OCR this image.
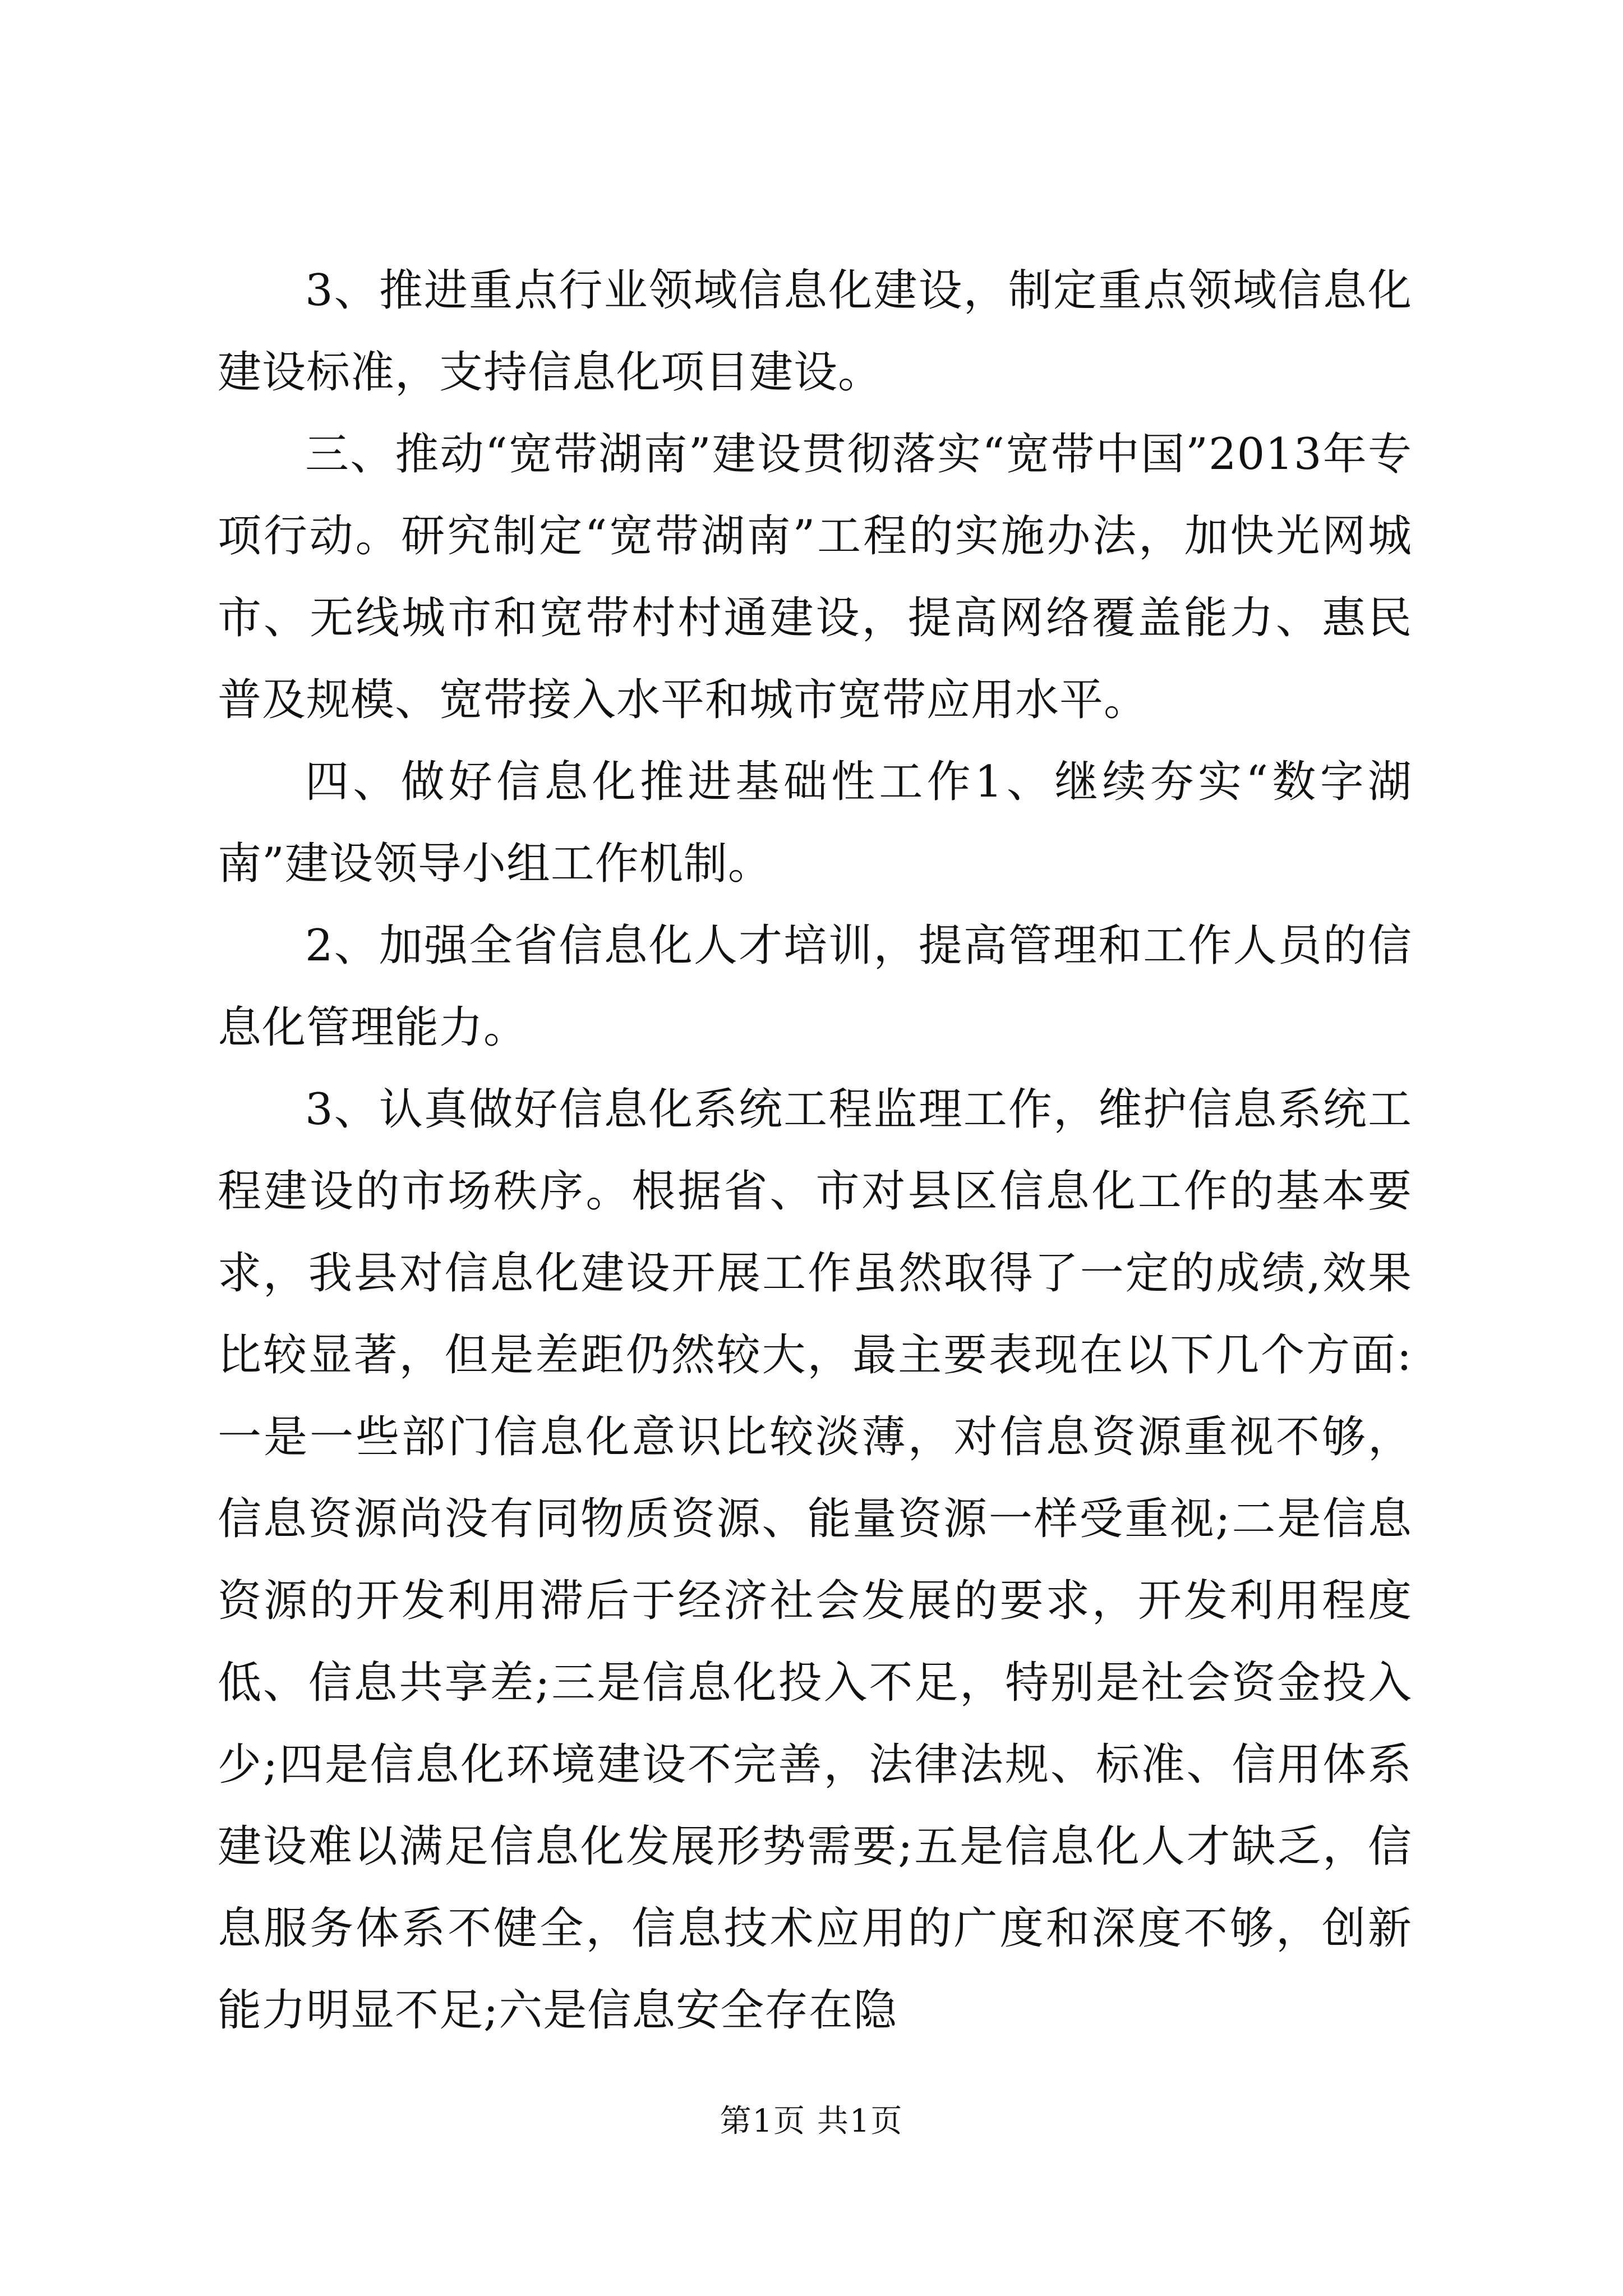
3、推进重点行业领域信息化建设，制定重点领域信息化建设标准，支持信息化项目建设。

三、推动“宽带湖南”建设贯彻落实“宽带中国”2013年专项行动。研究制定“宽带湖南”工程的实施办法，加快光网城市、无线城市和宽带村村通建设，提高网络覆盖能力、惠民普及规模、宽带接入水平和城市宽带应用水平。

四、做好信息化推进基础性工作1、继续夯实“数字湖南”建设领导小组工作机制。

2、加强全省信息化人才培训，提高管理和工作人员的信息化管理能力。

3、认真做好信息化系统工程监理工作，维护信息系统工程建设的市场秩序。根据省、市对县区信息化工作的基本要求，我县对信息化建设开展工作虽然取得了一定的成绩,效果比较显著，但是差距仍然较大，最主要表现在以下几个方面:一是一些部门信息化意识比较淡薄，对信息资源重视不够，信息资源尚没有同物质资源、能量资源一样受重视;二是信息资源的开发利用滞后于经济社会发展的要求，开发利用程度低、信息共享差;三是信息化投入不足，特别是社会资金投入少;四是信息化环境建设不完善，法律法规、标准、信用体系建设难以满足信息化发展形势需要;五是信息化人才缺乏，信息服务体系不健全，信息技术应用的广度和深度不够，创新能力明显不足;六是信息安全存在隐

第1页 共1页
